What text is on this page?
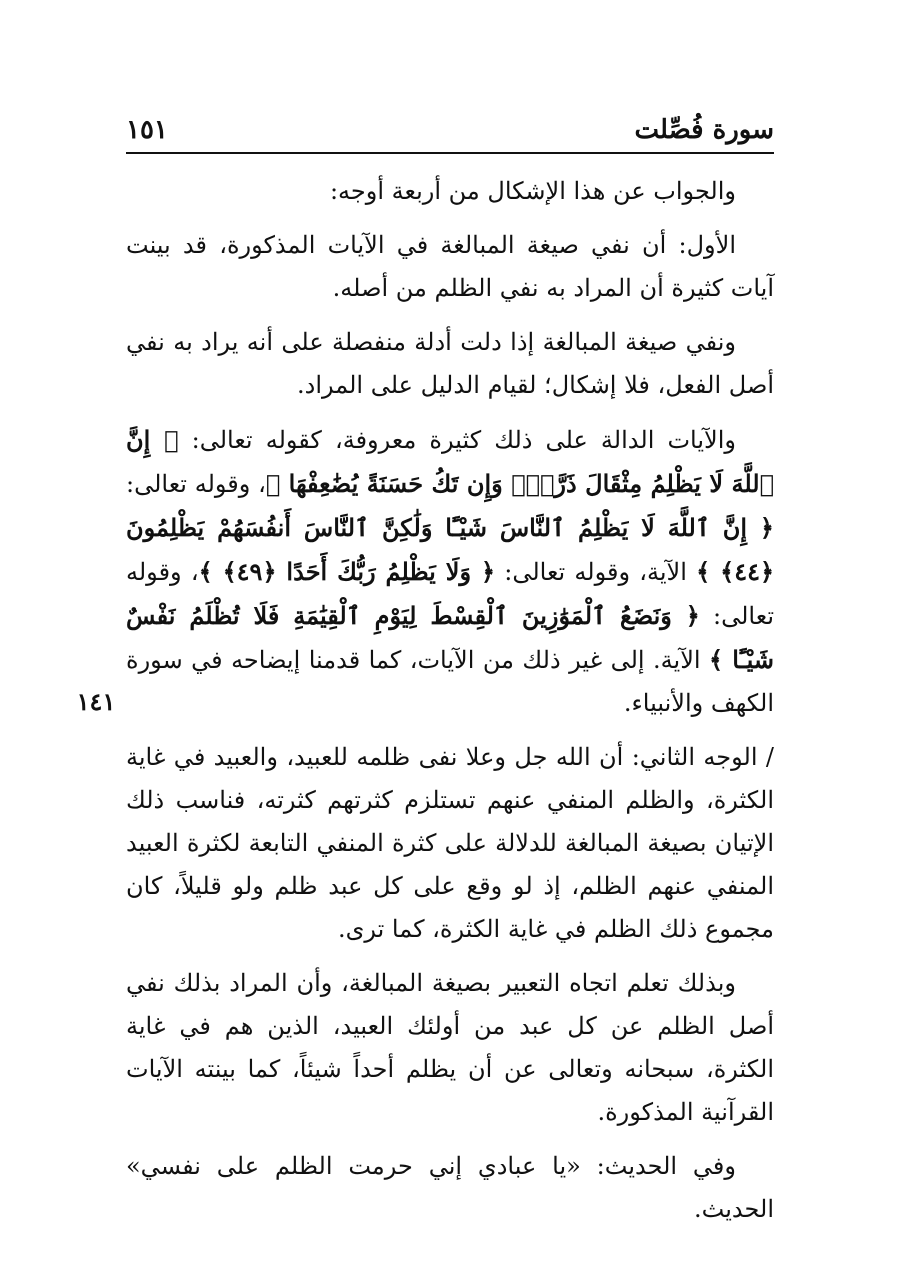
سورة فُصِّلت
١٥١
١٤١

والجواب عن هذا الإشكال من أربعة أوجه:

الأول: أن نفي صيغة المبالغة في الآيات المذكورة، قد بينت آيات كثيرة أن المراد به نفي الظلم من أصله.

ونفي صيغة المبالغة إذا دلت أدلة منفصلة على أنه يراد به نفي أصل الفعل، فلا إشكال؛ لقيام الدليل على المراد.

والآيات الدالة على ذلك كثيرة معروفة، كقوله تعالى: ﴿ إِنَّ ٱللَّهَ لَا يَظْلِمُ مِثْقَالَ ذَرَّةٍۖ وَإِن تَكُ حَسَنَةً يُضَٰعِفْهَا ﴾، وقوله تعالى: ﴿ إِنَّ ٱللَّهَ لَا يَظْلِمُ ٱلنَّاسَ شَيْـًٔا وَلَٰكِنَّ ٱلنَّاسَ أَنفُسَهُمْ يَظْلِمُونَ ﴿٤٤﴾ ﴾ الآية، وقوله تعالى: ﴿ وَلَا يَظْلِمُ رَبُّكَ أَحَدًا ﴿٤٩﴾ ﴾، وقوله تعالى: ﴿ وَنَضَعُ ٱلْمَوَٰزِينَ ٱلْقِسْطَ لِيَوْمِ ٱلْقِيَٰمَةِ فَلَا تُظْلَمُ نَفْسٌ شَيْـًٔا ﴾ الآية. إلى غير ذلك من الآيات، كما قدمنا إيضاحه في سورة الكهف والأنبياء.

/ الوجه الثاني: أن الله جل وعلا نفى ظلمه للعبيد، والعبيد في غاية الكثرة، والظلم المنفي عنهم تستلزم كثرتهم كثرته، فناسب ذلك الإتيان بصيغة المبالغة للدلالة على كثرة المنفي التابعة لكثرة العبيد المنفي عنهم الظلم، إذ لو وقع على كل عبد ظلم ولو قليلاً، كان مجموع ذلك الظلم في غاية الكثرة، كما ترى.

وبذلك تعلم اتجاه التعبير بصيغة المبالغة، وأن المراد بذلك نفي أصل الظلم عن كل عبد من أولئك العبيد، الذين هم في غاية الكثرة، سبحانه وتعالى عن أن يظلم أحداً شيئاً، كما بينته الآيات القرآنية المذكورة.

وفي الحديث: «يا عبادي إني حرمت الظلم على نفسي» الحديث.
